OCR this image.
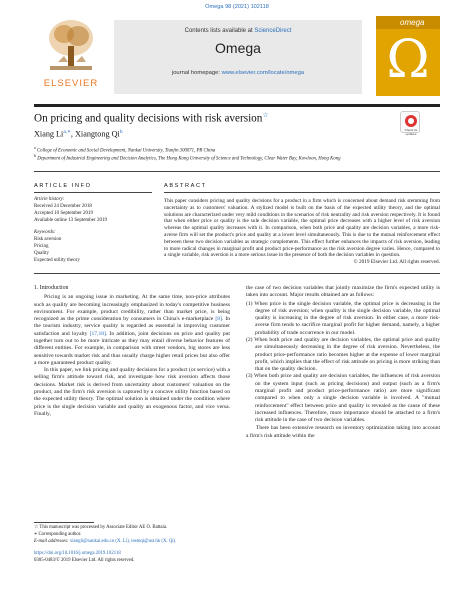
Omega 98 (2021) 102118
ELSEVIER
Contents lists available at ScienceDirect
Omega
journal homepage: www.elsevier.com/locate/omega
omega
Ω
On pricing and quality decisions with risk aversion☆
Check for updates
Xiang $Li^{a,∗}$, Xiangtong Qi$^b$
$^a$ College of Economic and Social Development, Nankai University, Tianjin 300071, PR China
$^b$ Department of Industrial Engineering and Decision Analytics, The Hong Kong University of Science and Technology, Clear Water Bay, Kowloon, Hong Kong
ARTICLE INFO	ABSTRACT
Article history:
Received 24 December 2018
Accepted 10 September 2019
Available online 13 September 2019
Keywords:
Risk aversion
Pricing
Quality
Expected utility theory
This paper considers pricing and quality decisions for a product in a firm which is concerned about demand risk stemming from uncertainty as to customers' valuation. A stylized model is built on the basis of the expected utility theory, and the optimal solutions are characterized under very mild conditions in the scenarios of risk neutrality and risk aversion respectively. It is found that when either price or quality is the sole decision variable, the optimal price decreases with a higher level of risk aversion whereas the optimal quality increases with it. In comparison, when both price and quality are decision variables, a more risk-averse firm will set the product's price and quality at a lower level simultaneously. This is due to the mutual reinforcement effect between these two decision variables as strategic complements. This effect further enhances the impacts of risk aversion, leading to more radical changes in marginal profit and product price-performance as the risk aversion degree varies. Hence, compared to a single variable, risk aversion is a more serious issue in the presence of both the decision variables in question.
© 2019 Elsevier Ltd. All rights reserved.
1. Introduction

Pricing is an ongoing issue in marketing. At the same time, non-price attributes such as quality are becoming increasingly emphasized in today's competitive business environment. For example, product credibility, rather than market price, is being recognized as the prime consideration by consumers in China's e-marketplace [8]. In the tourism industry, service quality is regarded as essential in improving customer satisfaction and loyalty [17,18]. In addition, joint decisions on price and quality put together turn out to be more intricate as they may entail diverse behavior features of different entities. For example, in comparison with street vendors, big stores are less sensitive towards market risk and thus usually charge higher retail prices but also offer a more guaranteed product quality.

In this paper, we link pricing and quality decisions for a product (or service) with a selling firm's attitude toward risk, and investigate how risk aversion affects those decisions. Market risk is derived from uncertainty about customers' valuation on the product, and the firm's risk aversion is captured by a concave utility function based on the expected utility theory. The optimal solution is obtained under the condition where price is the single decision variable and quality an exogenous factor, and vice versa. Finally,

☆ This manuscript was processed by Associate Editor AE O. Battaia.
∗ Corresponding author.
E-mail addresses: xiangli@nankai.edu.cn (X. Li), ieemqi@ust.hk (X. Qi).
https://doi.org/10.1016/j.omega.2019.102118
0305-0483/© 2019 Elsevier Ltd. All rights reserved.

the case of two decision variables that jointly maximize the firm's expected utility is taken into account. Major results obtained are as follows:

(1) When price is the single decision variable, the optimal price is decreasing in the degree of risk aversion; when quality is the single decision variable, the optimal quality is increasing in the degree of risk aversion. In either case, a more risk-averse firm tends to sacrifice marginal profit for higher demand, namely, a higher probability of trade occurrence in our model.

(2) When both price and quality are decision variables, the optimal price and quality are simultaneously decreasing in the degree of risk aversion. Nevertheless, the product price-performance ratio becomes higher at the expense of lower marginal profit, which implies that the effect of risk attitude on pricing is more striking than that on the quality decision.

(3) When both price and quality are decision variables, the influences of risk aversion on the system input (such as pricing decisions) and output (such as a firm's marginal profit and product price-performance ratio) are more significant compared to when only a single decision variable is involved. A "mutual reinforcement" effect between price and quality is revealed as the cause of these increased influences. Therefore, more importance should be attached to a firm's risk attitude in the case of two decision variables.

There has been extensive research on inventory optimization taking into account a firm's risk attitude within the
